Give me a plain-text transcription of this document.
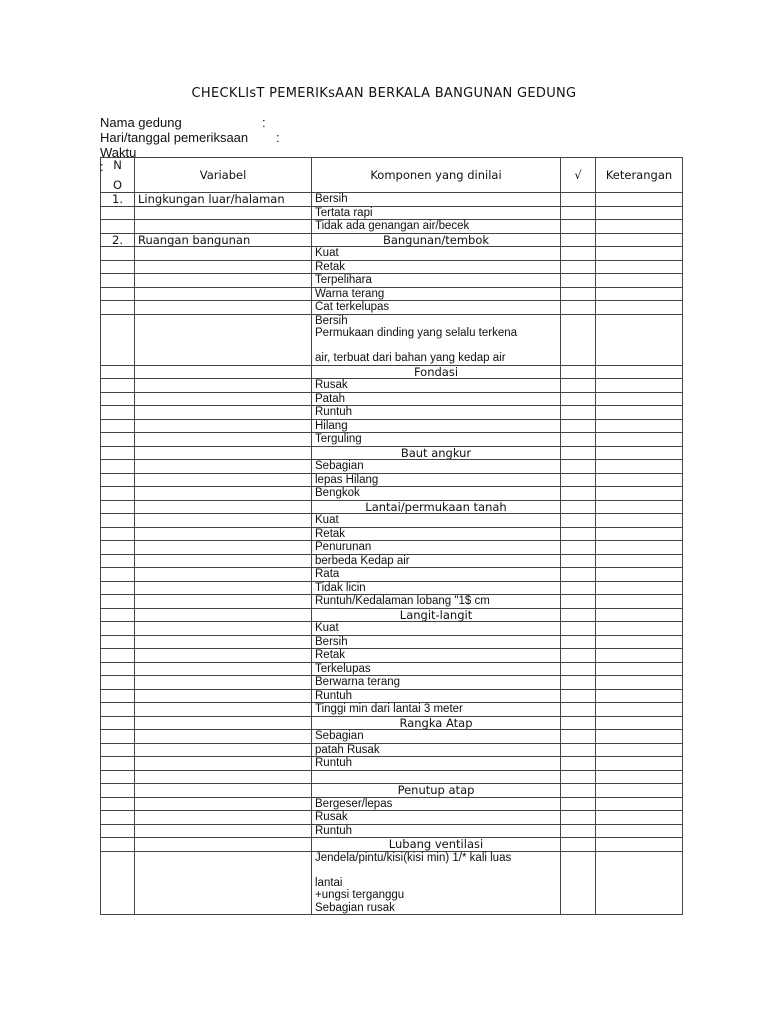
CHECKLIsT PEMERIKsAAN BERKALA BANGUNAN GEDUNG
Nama gedung	:
Hari/tanggal pemeriksaan :
Waktu
: N
O	Variabel	Komponen yang dinilai	√	Keterangan
1.	Lingkungan luar/halaman	Bersih		
		Tertata rapi		
		Tidak ada genangan air/becek		
2.	Ruangan bangunan	Bangunan/tembok		
		Kuat		
		Retak		
		Terpelihara		
		Warna terang		
		Cat terkelupas		
		Bersih
Permukaan dinding yang selalu terkena

air, terbuat dari bahan yang kedap air		
		Fondasi		
		Rusak		
		Patah		
		Runtuh		
		Hilang		
		Terguling		
		Baut angkur		
		Sebagian		
		lepas Hilang		
		Bengkok		
		Lantai/permukaan tanah		
		Kuat		
		Retak		
		Penurunan		
		berbeda Kedap air		
		Rata		
		Tidak licin		
		Runtuh/Kedalaman lobang "1$ cm		
		Langit-langit		
		Kuat		
		Bersih		
		Retak		
		Terkelupas		
		Berwarna terang		
		Runtuh		
		Tinggi min dari lantai 3 meter		
		Rangka Atap		
		Sebagian		
		patah Rusak		
		Runtuh		

		Penutup atap		
		Bergeser/lepas		
		Rusak		
		Runtuh		
		Lubang ventilasi		
		Jendela/pintu/kisi(kisi min) 1/* kali luas

lantai
+ungsi terganggu
Sebagian rusak		
